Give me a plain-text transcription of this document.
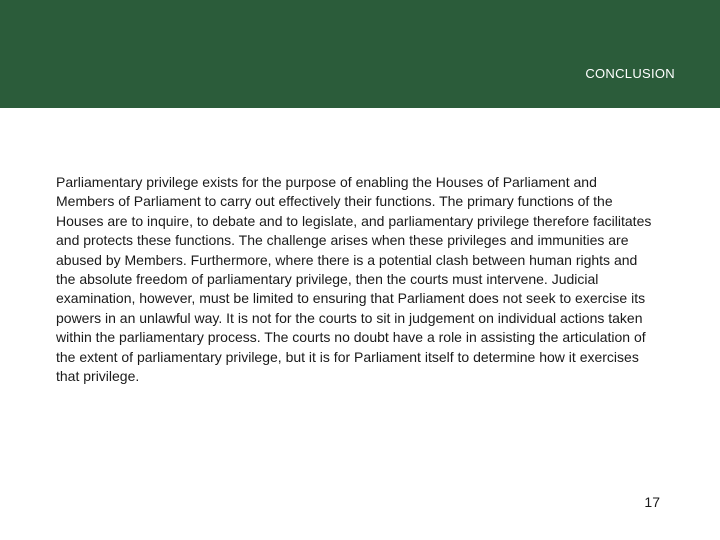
CONCLUSION

Parliamentary privilege exists for the purpose of enabling the Houses of Parliament and Members of Parliament to carry out effectively their functions. The primary functions of the Houses are to inquire, to debate and to legislate, and parliamentary privilege therefore facilitates and protects these functions. The challenge arises when these privileges and immunities are abused by Members. Furthermore, where there is a potential clash between human rights and the absolute freedom of parliamentary privilege, then the courts must intervene. Judicial examination, however, must be limited to ensuring that Parliament does not seek to exercise its powers in an unlawful way. It is not for the courts to sit in judgement on individual actions taken within the parliamentary process. The courts no doubt have a role in assisting the articulation of the extent of parliamentary privilege, but it is for Parliament itself to determine how it exercises that privilege.

17
